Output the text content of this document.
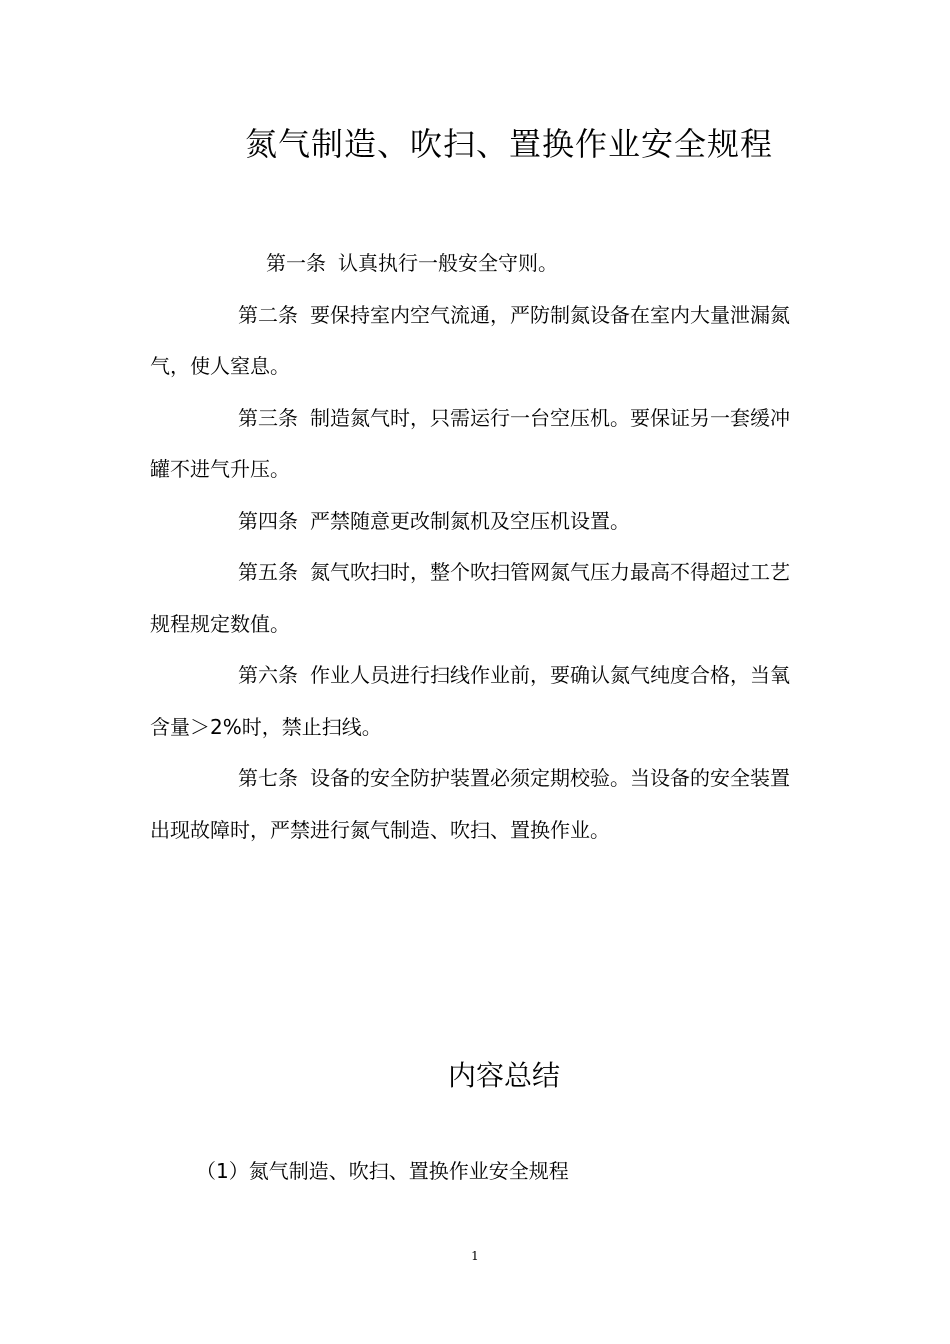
氮气制造、吹扫、置换作业安全规程

第一条 认真执行一般安全守则。

第二条 要保持室内空气流通，严防制氮设备在室内大量泄漏氮气，使人窒息。

第三条 制造氮气时，只需运行一台空压机。要保证另一套缓冲罐不进气升压。

第四条 严禁随意更改制氮机及空压机设置。

第五条 氮气吹扫时，整个吹扫管网氮气压力最高不得超过工艺规程规定数值。

第六条 作业人员进行扫线作业前，要确认氮气纯度合格，当氧含量＞2%时，禁止扫线。

第七条 设备的安全防护装置必须定期校验。当设备的安全装置出现故障时，严禁进行氮气制造、吹扫、置换作业。

内容总结

（1）氮气制造、吹扫、置换作业安全规程

1
